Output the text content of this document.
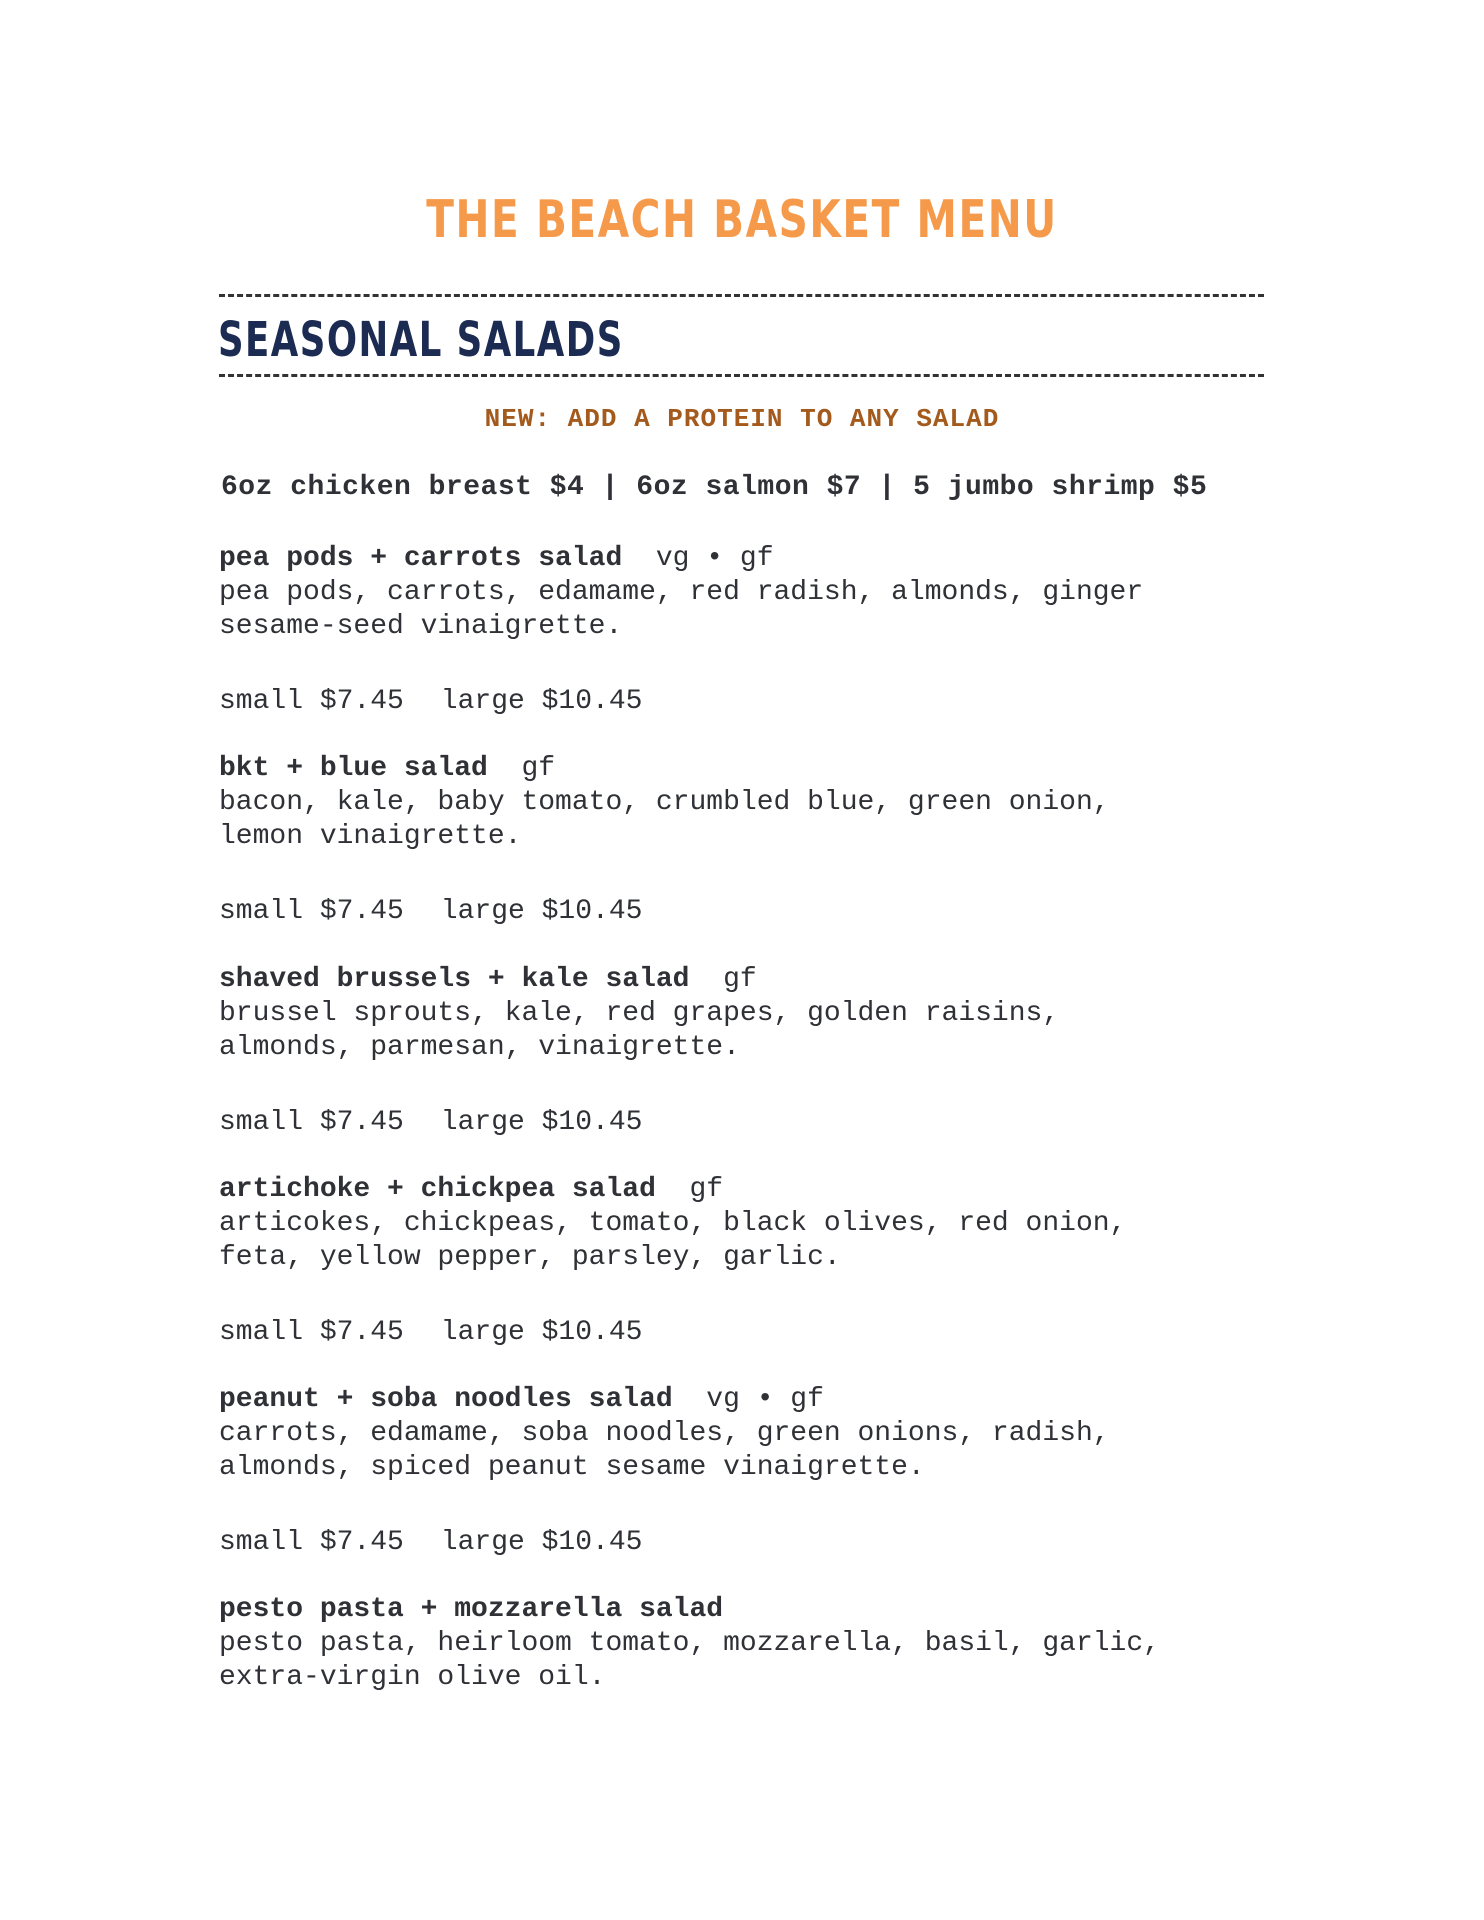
THE BEACH BASKET MENU
SEASONAL SALADS
NEW: ADD A PROTEIN TO ANY SALAD
6oz chicken breast $4 | 6oz salmon $7 | 5 jumbo shrimp $5
pea pods + carrots salad vg • gf
pea pods, carrots, edamame, red radish, almonds, ginger
sesame-seed vinaigrette.
small $7.45 large $10.45
bkt + blue salad gf
bacon, kale, baby tomato, crumbled blue, green onion,
lemon vinaigrette.
small $7.45 large $10.45
shaved brussels + kale salad gf
brussel sprouts, kale, red grapes, golden raisins,
almonds, parmesan, vinaigrette.
small $7.45 large $10.45
artichoke + chickpea salad gf
articokes, chickpeas, tomato, black olives, red onion,
feta, yellow pepper, parsley, garlic.
small $7.45 large $10.45
peanut + soba noodles salad vg • gf
carrots, edamame, soba noodles, green onions, radish,
almonds, spiced peanut sesame vinaigrette.
small $7.45 large $10.45
pesto pasta + mozzarella salad
pesto pasta, heirloom tomato, mozzarella, basil, garlic,
extra-virgin olive oil.
